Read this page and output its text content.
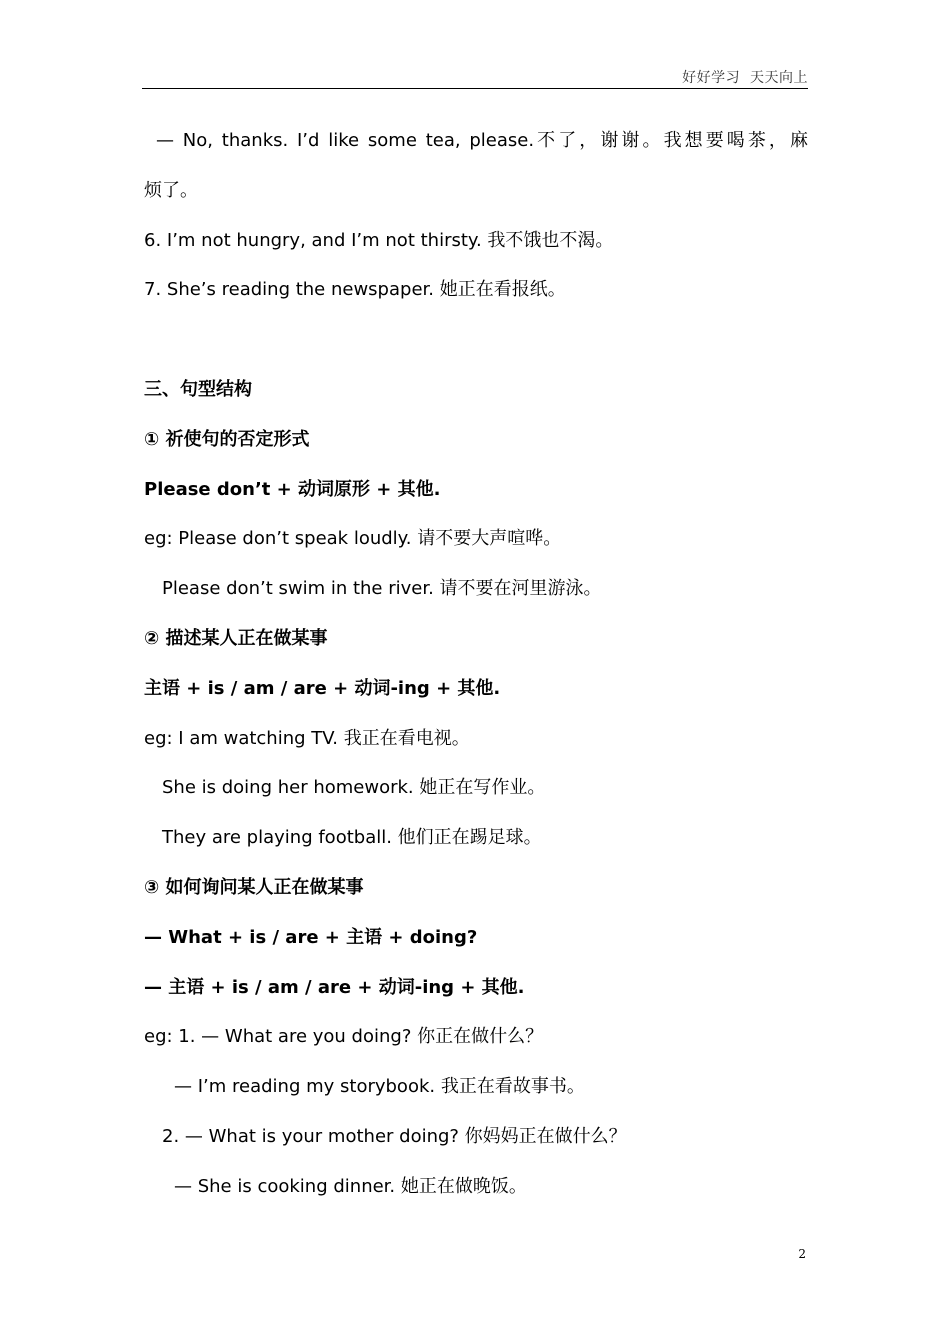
好好学习  天天向上
— No, thanks. I’d like some tea, please.不了，谢谢。我想要喝茶，麻
烦了。
6. I’m not hungry, and I’m not thirsty. 我不饿也不渴。
7. She’s reading the newspaper. 她正在看报纸。
三、句型结构
① 祈使句的否定形式
Please don’t + 动词原形 + 其他.
eg: Please don’t speak loudly. 请不要大声喧哗。
Please don’t swim in the river. 请不要在河里游泳。
② 描述某人正在做某事
主语 + is / am / are + 动词-ing + 其他.
eg: I am watching TV. 我正在看电视。
She is doing her homework. 她正在写作业。
They are playing football. 他们正在踢足球。
③ 如何询问某人正在做某事
— What + is / are + 主语 + doing?
— 主语 + is / am / are + 动词-ing + 其他.
eg: 1. — What are you doing? 你正在做什么？
— I’m reading my storybook. 我正在看故事书。
2. — What is your mother doing? 你妈妈正在做什么？
— She is cooking dinner. 她正在做晚饭。
2
